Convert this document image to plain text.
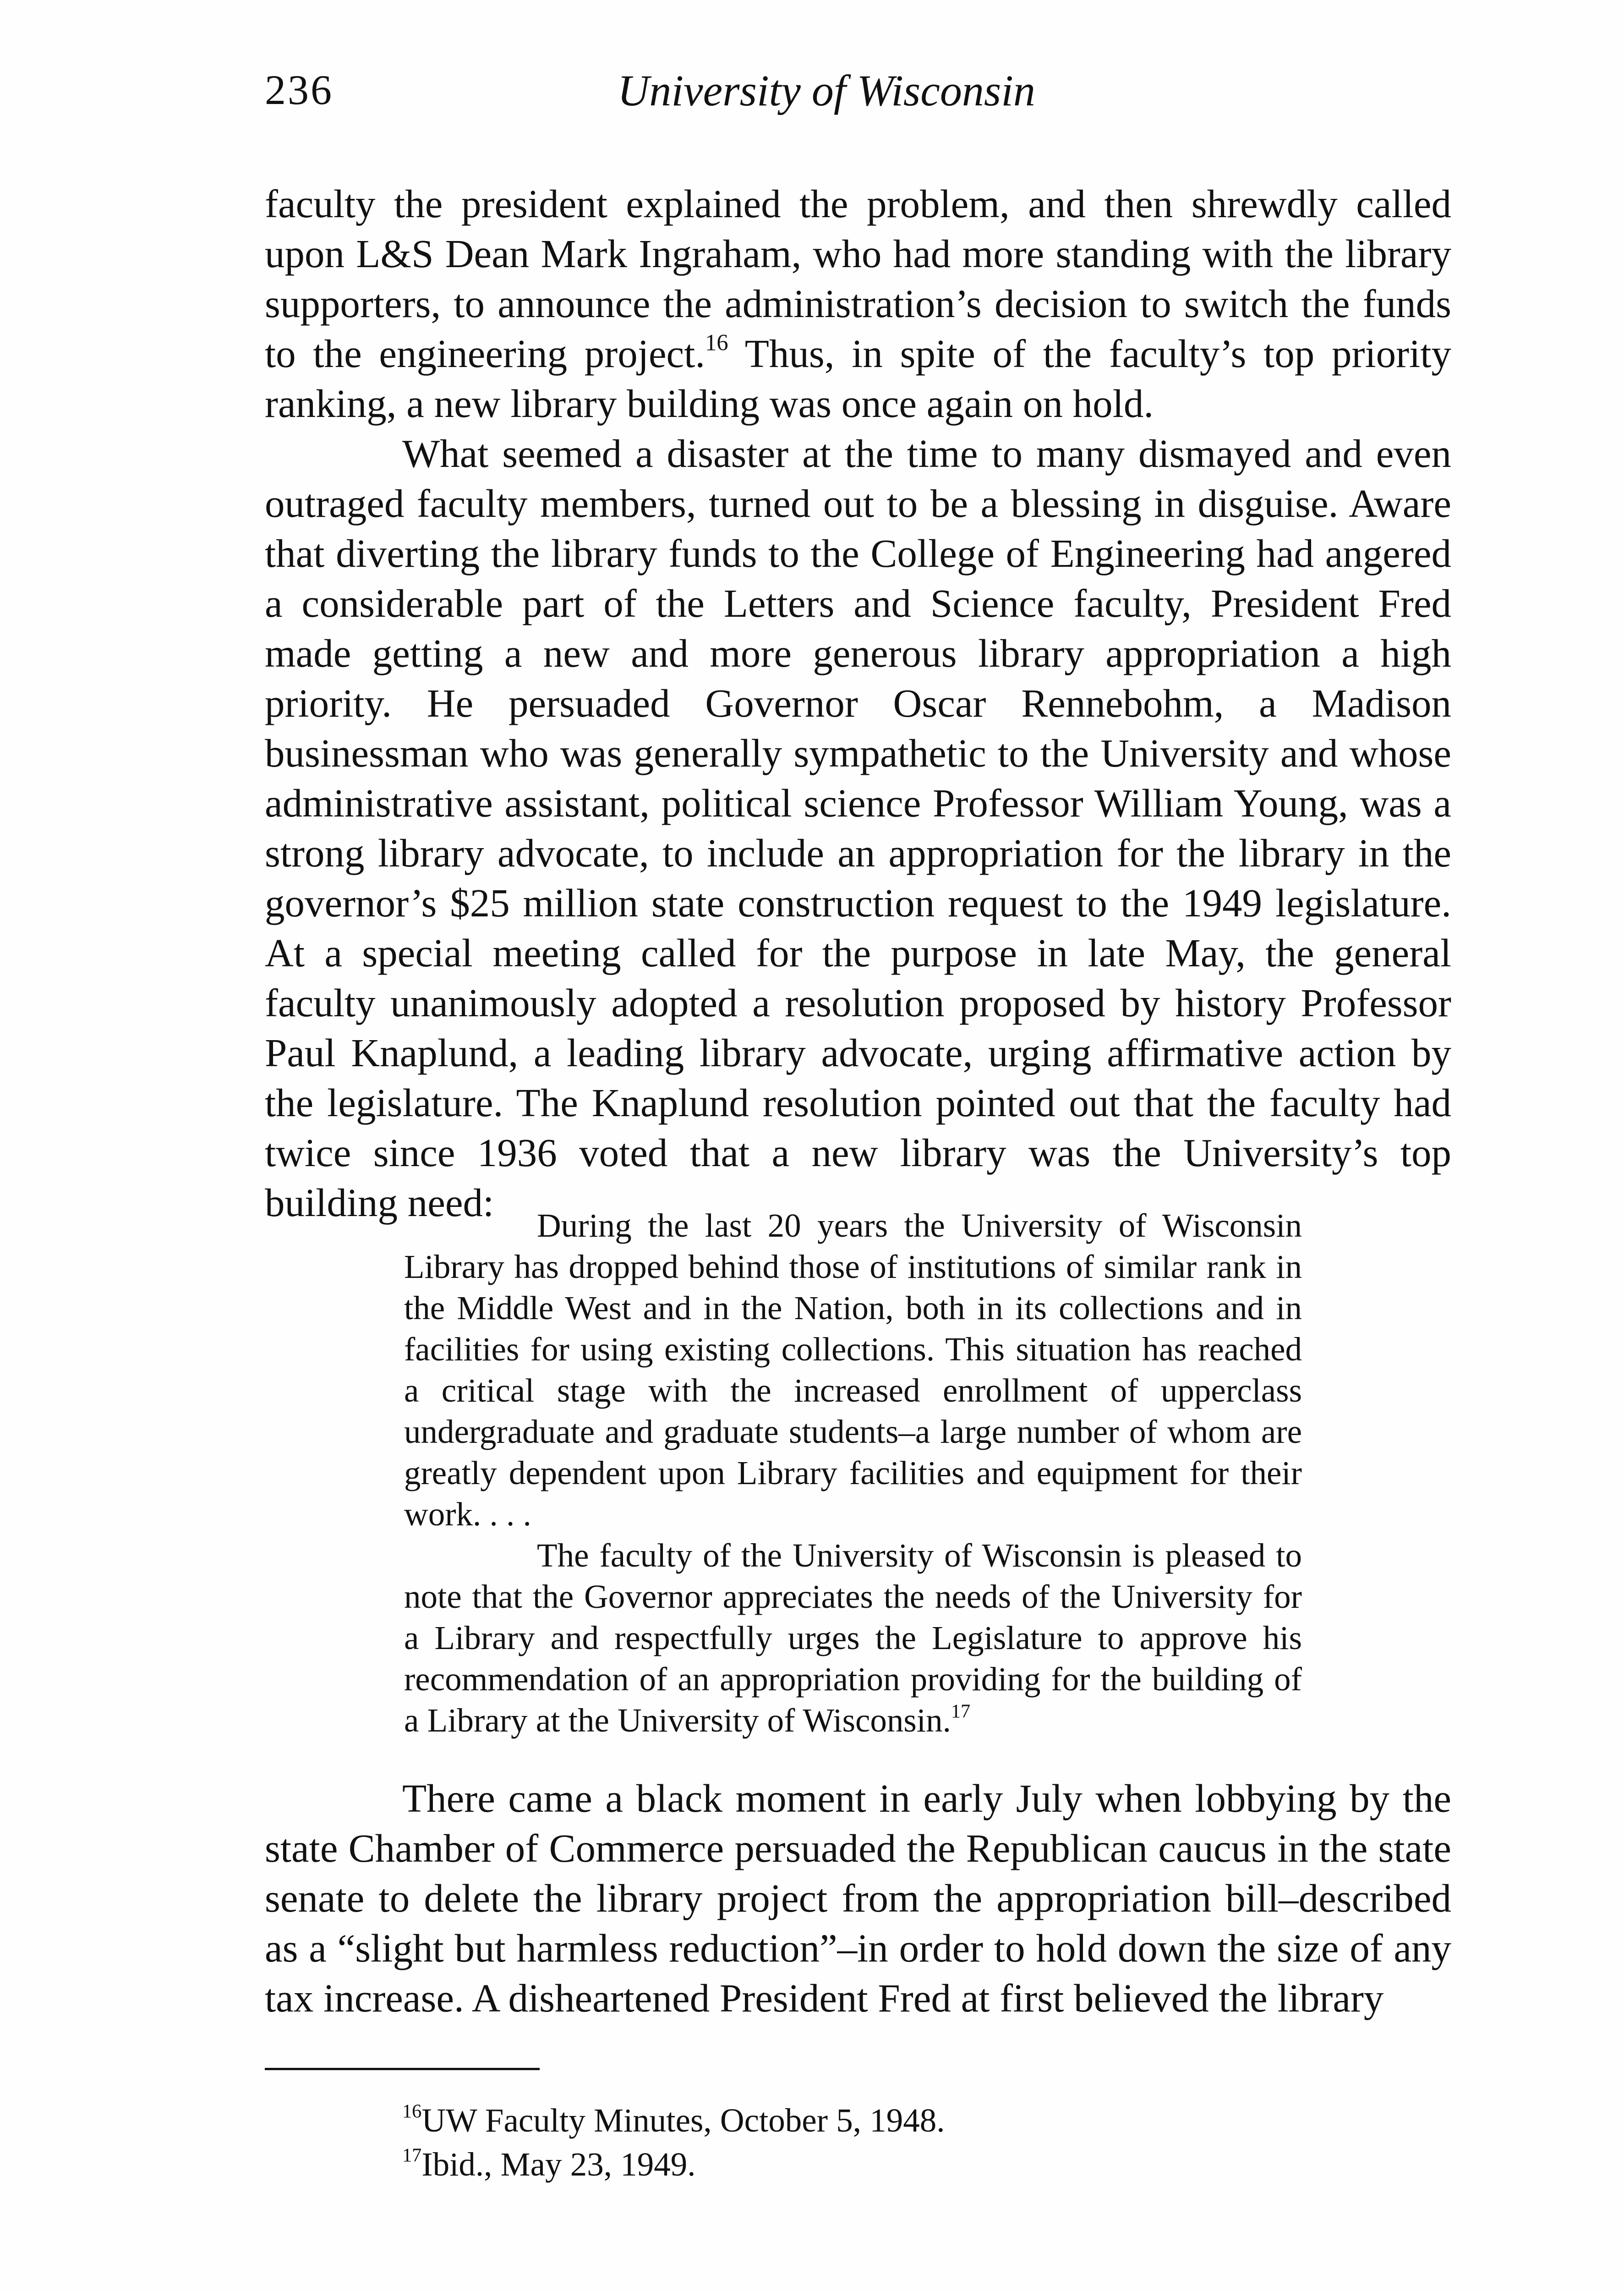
236	University of Wisconsin

faculty the president explained the problem, and then shrewdly called upon L&S Dean Mark Ingraham, who had more standing with the library supporters, to announce the administration’s decision to switch the funds to the engineering project.$^{16}$ Thus, in spite of the faculty’s top priority ranking, a new library building was once again on hold.

What seemed a disaster at the time to many dismayed and even outraged faculty members, turned out to be a blessing in disguise. Aware that diverting the library funds to the College of Engineering had angered a considerable part of the Letters and Science faculty, President Fred made getting a new and more generous library appropriation a high priority. He persuaded Governor Oscar Rennebohm, a Madison businessman who was generally sympathetic to the University and whose administrative assistant, political science Professor William Young, was a strong library advocate, to include an appropriation for the library in the governor’s $25 million state construction request to the 1949 legislature. At a special meeting called for the purpose in late May, the general faculty unanimously adopted a resolution proposed by history Professor Paul Knaplund, a leading library advocate, urging affirmative action by the legislature. The Knaplund resolution pointed out that the faculty had twice since 1936 voted that a new library was the University’s top building need:

During the last 20 years the University of Wisconsin Library has dropped behind those of institutions of similar rank in the Middle West and in the Nation, both in its collections and in facilities for using existing collections. This situation has reached a critical stage with the increased enrollment of upperclass undergraduate and graduate students–a large number of whom are greatly dependent upon Library facilities and equipment for their work. . . .

The faculty of the University of Wisconsin is pleased to note that the Governor appreciates the needs of the University for a Library and respectfully urges the Legislature to approve his recommendation of an appropriation providing for the building of a Library at the University of Wisconsin.$^{17}$

There came a black moment in early July when lobbying by the state Chamber of Commerce persuaded the Republican caucus in the state senate to delete the library project from the appropriation bill–described as a “slight but harmless reduction”–in order to hold down the size of any tax increase. A disheartened President Fred at first believed the library

$^{16}$UW Faculty Minutes, October 5, 1948.

$^{17}$Ibid., May 23, 1949.
